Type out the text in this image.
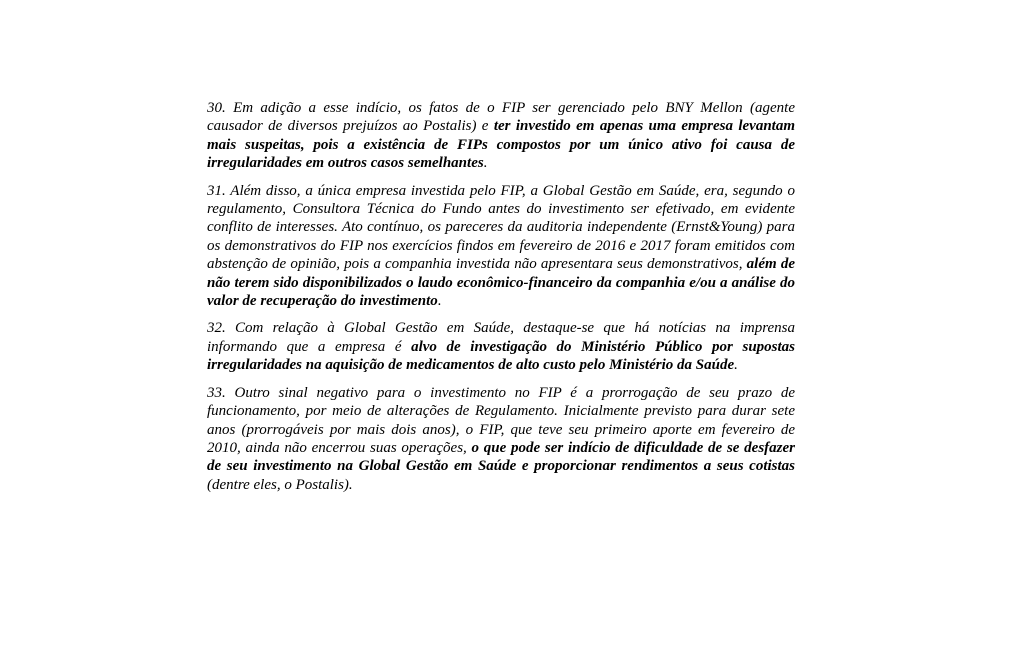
30. Em adição a esse indício, os fatos de o FIP ser gerenciado pelo BNY Mellon (agente causador de diversos prejuízos ao Postalis) e ter investido em apenas uma empresa levantam mais suspeitas, pois a existência de FIPs compostos por um único ativo foi causa de irregularidades em outros casos semelhantes.

31. Além disso, a única empresa investida pelo FIP, a Global Gestão em Saúde, era, segundo o regulamento, Consultora Técnica do Fundo antes do investimento ser efetivado, em evidente conflito de interesses. Ato contínuo, os pareceres da auditoria independente (Ernst&Young) para os demonstrativos do FIP nos exercícios findos em fevereiro de 2016 e 2017 foram emitidos com abstenção de opinião, pois a companhia investida não apresentara seus demonstrativos, além de não terem sido disponibilizados o laudo econômico-financeiro da companhia e/ou a análise do valor de recuperação do investimento.

32. Com relação à Global Gestão em Saúde, destaque-se que há notícias na imprensa informando que a empresa é alvo de investigação do Ministério Público por supostas irregularidades na aquisição de medicamentos de alto custo pelo Ministério da Saúde.

33. Outro sinal negativo para o investimento no FIP é a prorrogação de seu prazo de funcionamento, por meio de alterações de Regulamento. Inicialmente previsto para durar sete anos (prorrogáveis por mais dois anos), o FIP, que teve seu primeiro aporte em fevereiro de 2010, ainda não encerrou suas operações, o que pode ser indício de dificuldade de se desfazer de seu investimento na Global Gestão em Saúde e proporcionar rendimentos a seus cotistas (dentre eles, o Postalis).
